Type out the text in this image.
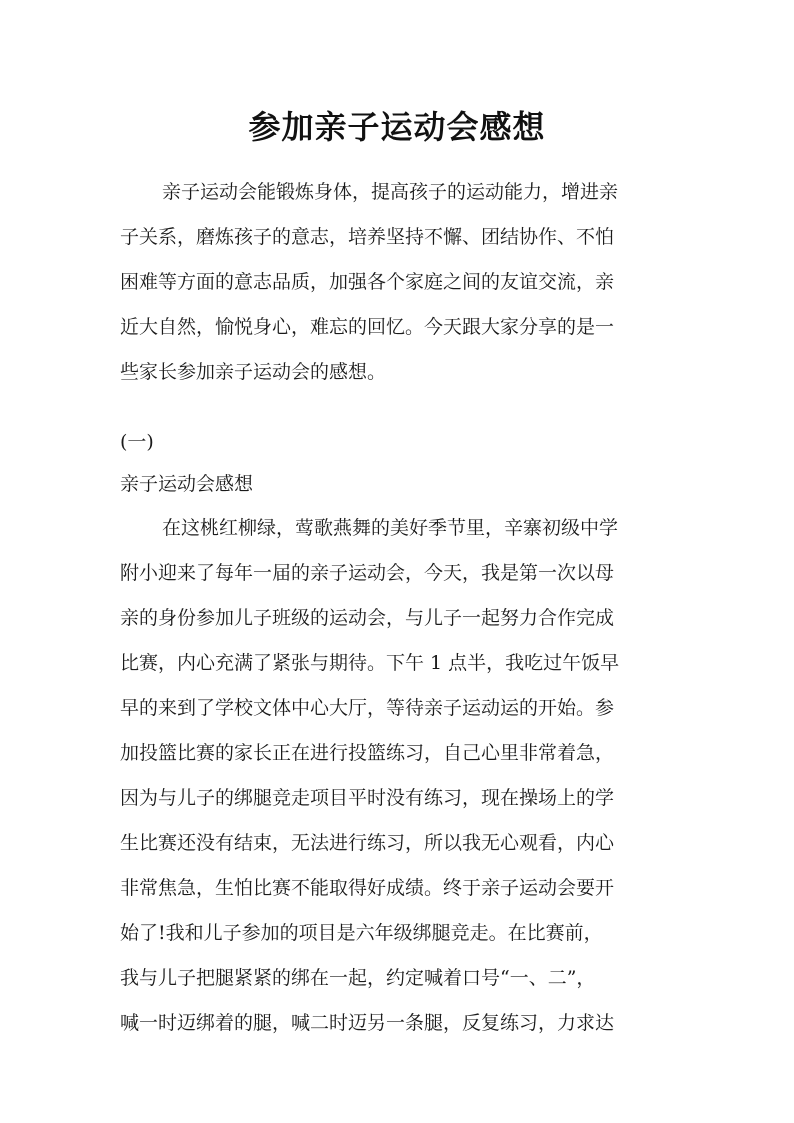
参加亲子运动会感想
亲子运动会能锻炼身体，提高孩子的运动能力，增进亲
子关系，磨炼孩子的意志，培养坚持不懈、团结协作、不怕
困难等方面的意志品质，加强各个家庭之间的友谊交流，亲
近大自然，愉悦身心，难忘的回忆。今天跟大家分享的是一
些家长参加亲子运动会的感想。
(一)
亲子运动会感想
在这桃红柳绿，莺歌燕舞的美好季节里，辛寨初级中学
附小迎来了每年一届的亲子运动会，今天，我是第一次以母
亲的身份参加儿子班级的运动会，与儿子一起努力合作完成
比赛，内心充满了紧张与期待。下午 1 点半，我吃过午饭早
早的来到了学校文体中心大厅，等待亲子运动运的开始。参
加投篮比赛的家长正在进行投篮练习，自己心里非常着急，
因为与儿子的绑腿竞走项目平时没有练习，现在操场上的学
生比赛还没有结束，无法进行练习，所以我无心观看，内心
非常焦急，生怕比赛不能取得好成绩。终于亲子运动会要开
始了!我和儿子参加的项目是六年级绑腿竞走。在比赛前，
我与儿子把腿紧紧的绑在一起，约定喊着口号“一、二”，
喊一时迈绑着的腿，喊二时迈另一条腿，反复练习，力求达
